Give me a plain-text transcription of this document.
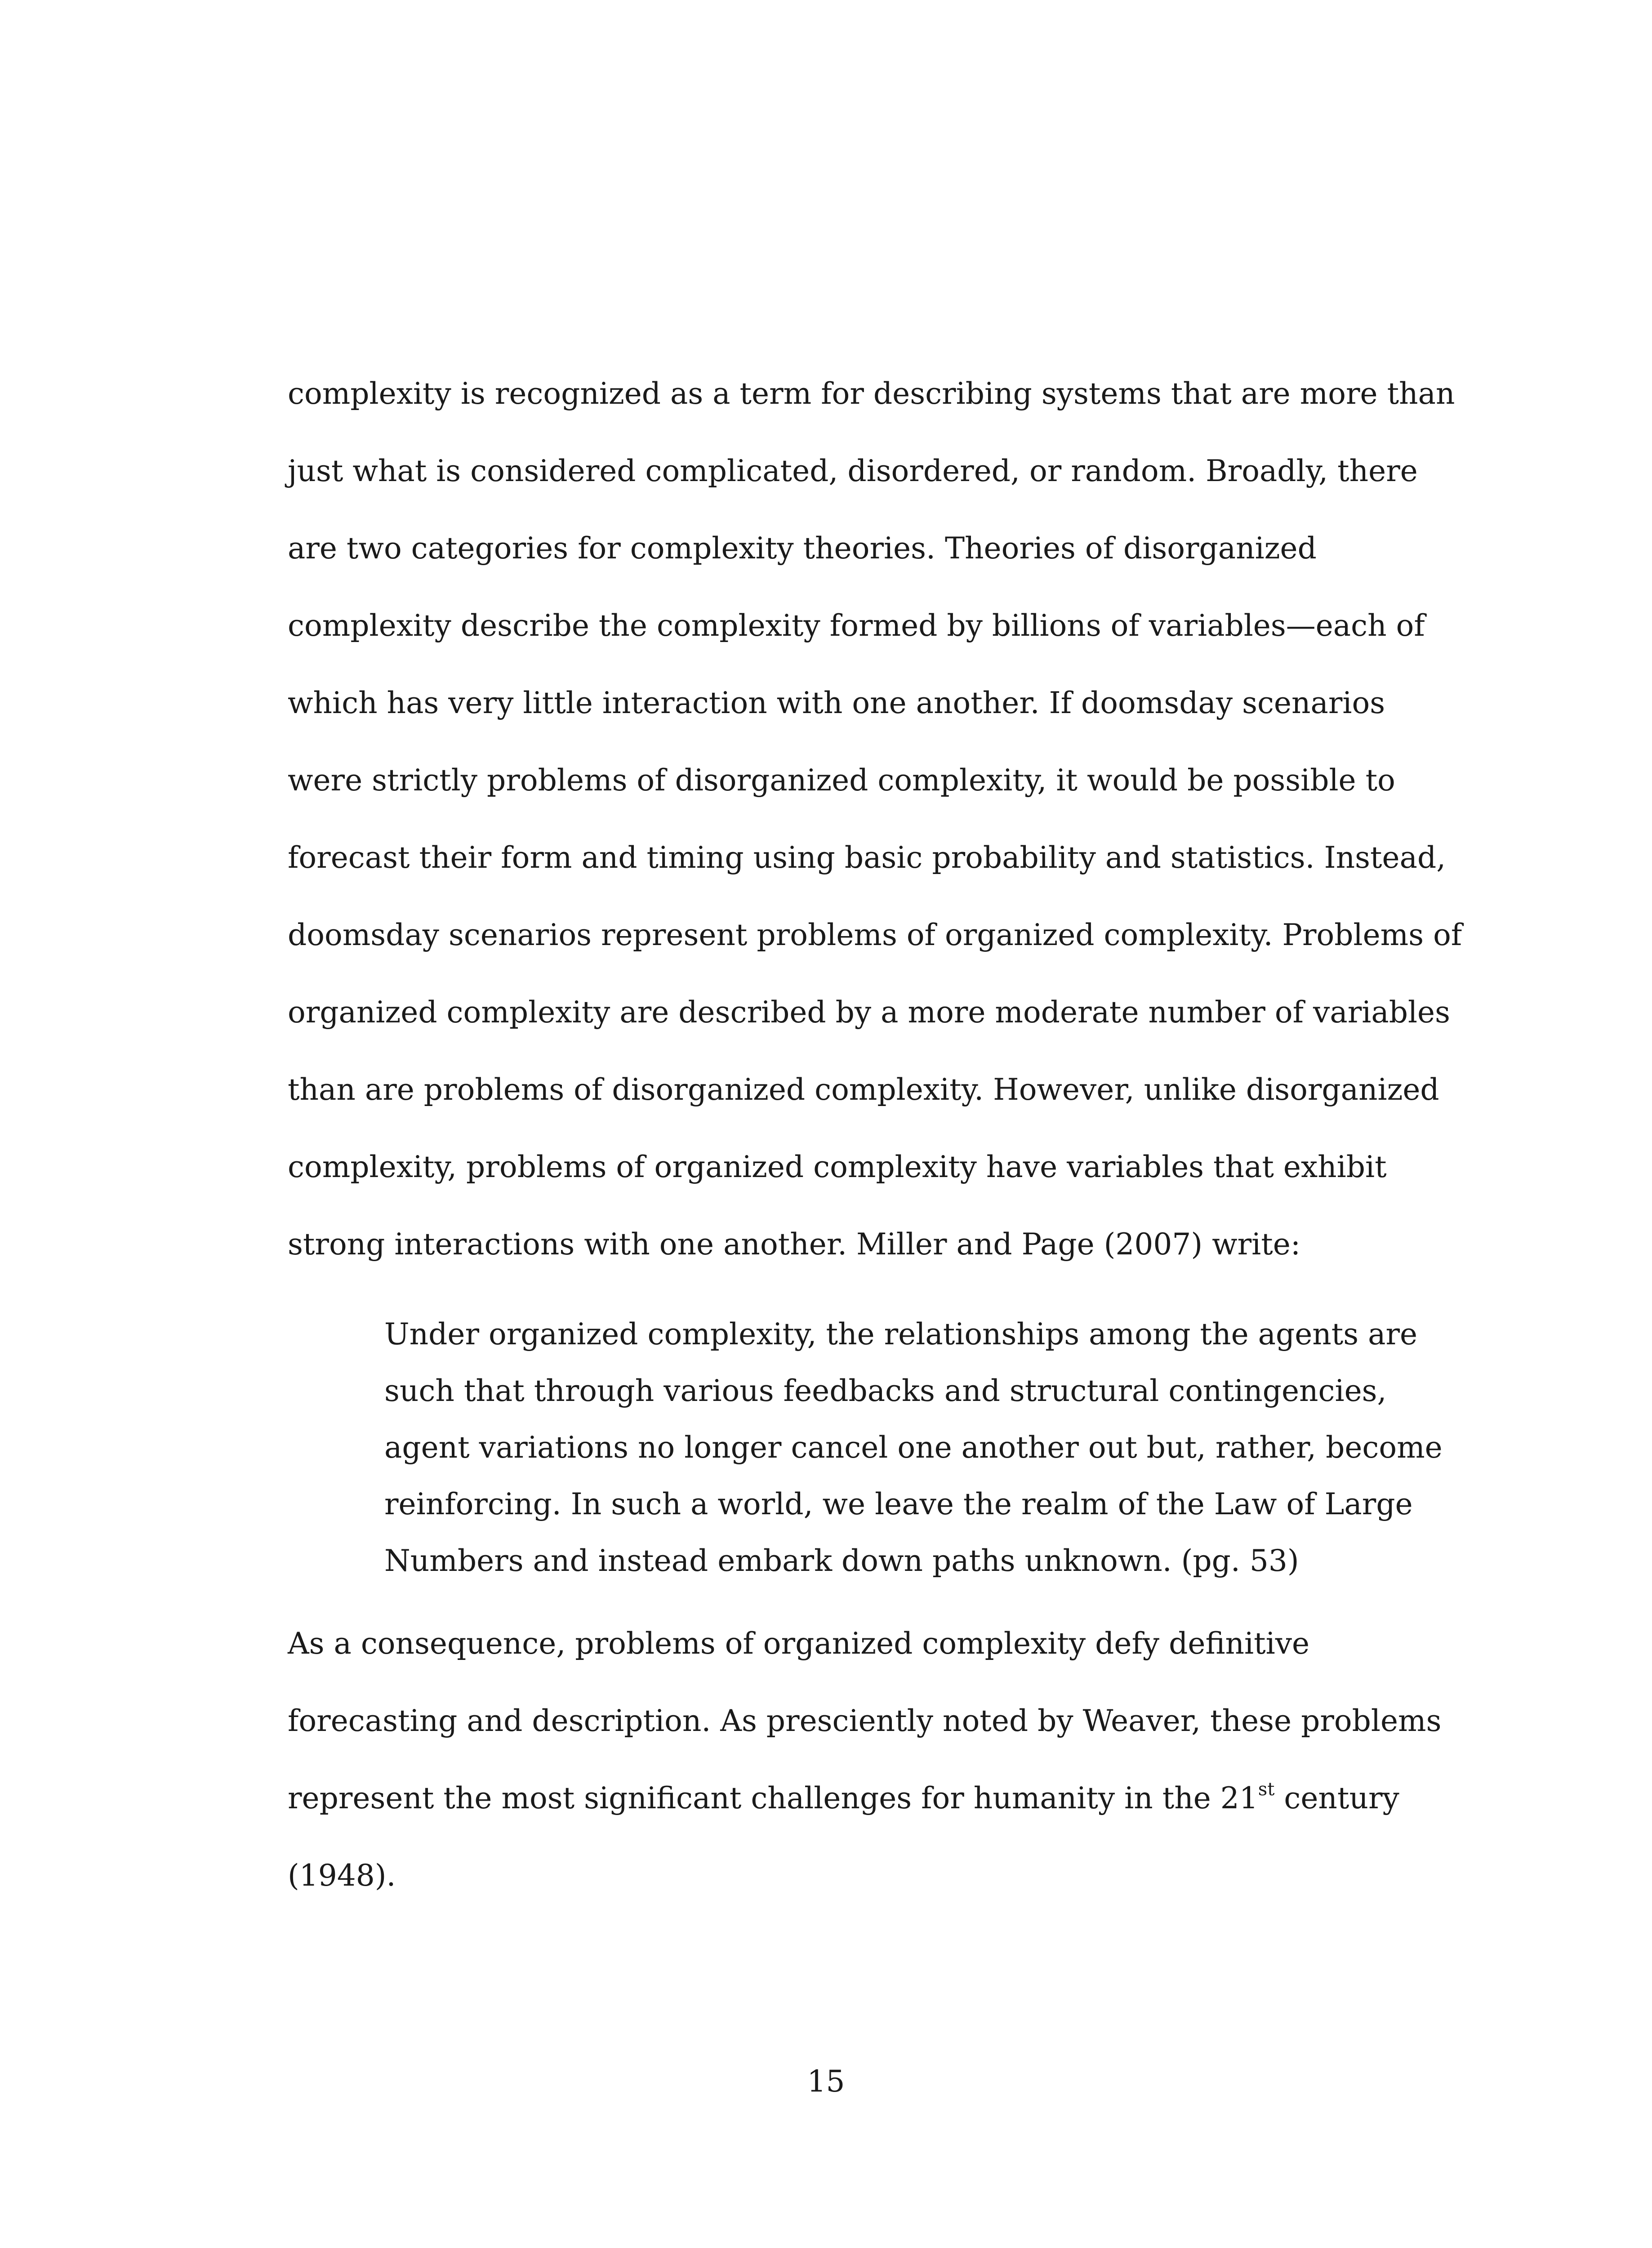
complexity is recognized as a term for describing systems that are more than
just what is considered complicated, disordered, or random. Broadly, there
are two categories for complexity theories. Theories of disorganized
complexity describe the complexity formed by billions of variables—each of
which has very little interaction with one another. If doomsday scenarios
were strictly problems of disorganized complexity, it would be possible to
forecast their form and timing using basic probability and statistics. Instead,
doomsday scenarios represent problems of organized complexity. Problems of
organized complexity are described by a more moderate number of variables
than are problems of disorganized complexity. However, unlike disorganized
complexity, problems of organized complexity have variables that exhibit
strong interactions with one another. Miller and Page (2007) write:
Under organized complexity, the relationships among the agents are
such that through various feedbacks and structural contingencies,
agent variations no longer cancel one another out but, rather, become
reinforcing. In such a world, we leave the realm of the Law of Large
Numbers and instead embark down paths unknown. (pg. 53)
As a consequence, problems of organized complexity defy definitive
forecasting and description. As presciently noted by Weaver, these problems
represent the most significant challenges for humanity in the 21st century
(1948).
15
